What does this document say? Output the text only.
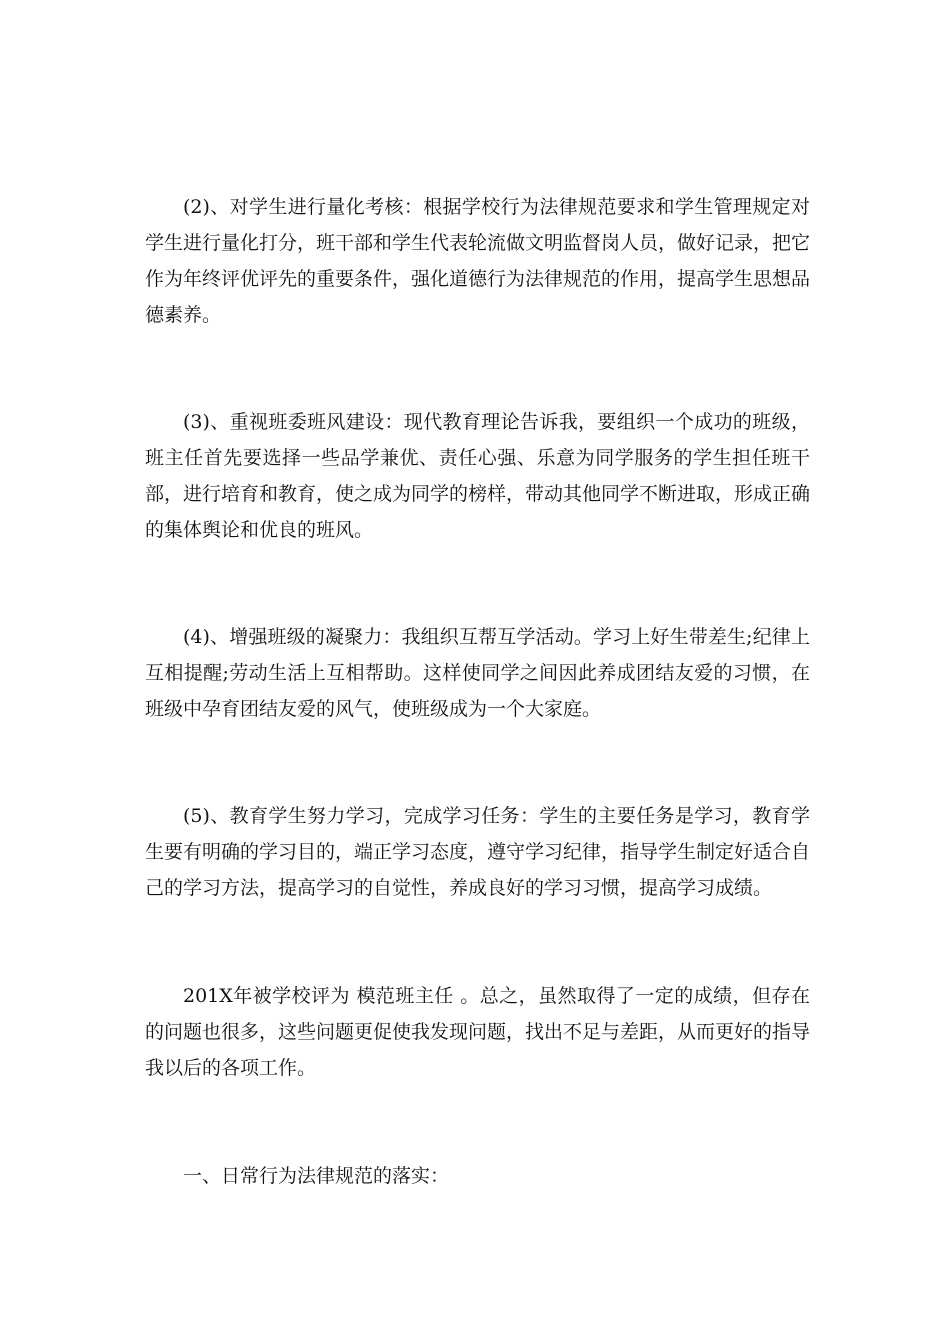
(2)、对学生进行量化考核：根据学校行为法律规范要求和学生管理规定对学生进行量化打分，班干部和学生代表轮流做文明监督岗人员，做好记录，把它作为年终评优评先的重要条件，强化道德行为法律规范的作用，提高学生思想品德素养。

(3)、重视班委班风建设：现代教育理论告诉我，要组织一个成功的班级，班主任首先要选择一些品学兼优、责任心强、乐意为同学服务的学生担任班干部，进行培育和教育，使之成为同学的榜样，带动其他同学不断进取，形成正确的集体舆论和优良的班风。

(4)、增强班级的凝聚力：我组织互帮互学活动。学习上好生带差生;纪律上互相提醒;劳动生活上互相帮助。这样使同学之间因此养成团结友爱的习惯，在班级中孕育团结友爱的风气，使班级成为一个大家庭。

(5)、教育学生努力学习，完成学习任务：学生的主要任务是学习，教育学生要有明确的学习目的，端正学习态度，遵守学习纪律，指导学生制定好适合自己的学习方法，提高学习的自觉性，养成良好的学习习惯，提高学习成绩。

201X年被学校评为 模范班主任 。总之，虽然取得了一定的成绩，但存在的问题也很多，这些问题更促使我发现问题，找出不足与差距，从而更好的指导我以后的各项工作。

一、日常行为法律规范的落实：
